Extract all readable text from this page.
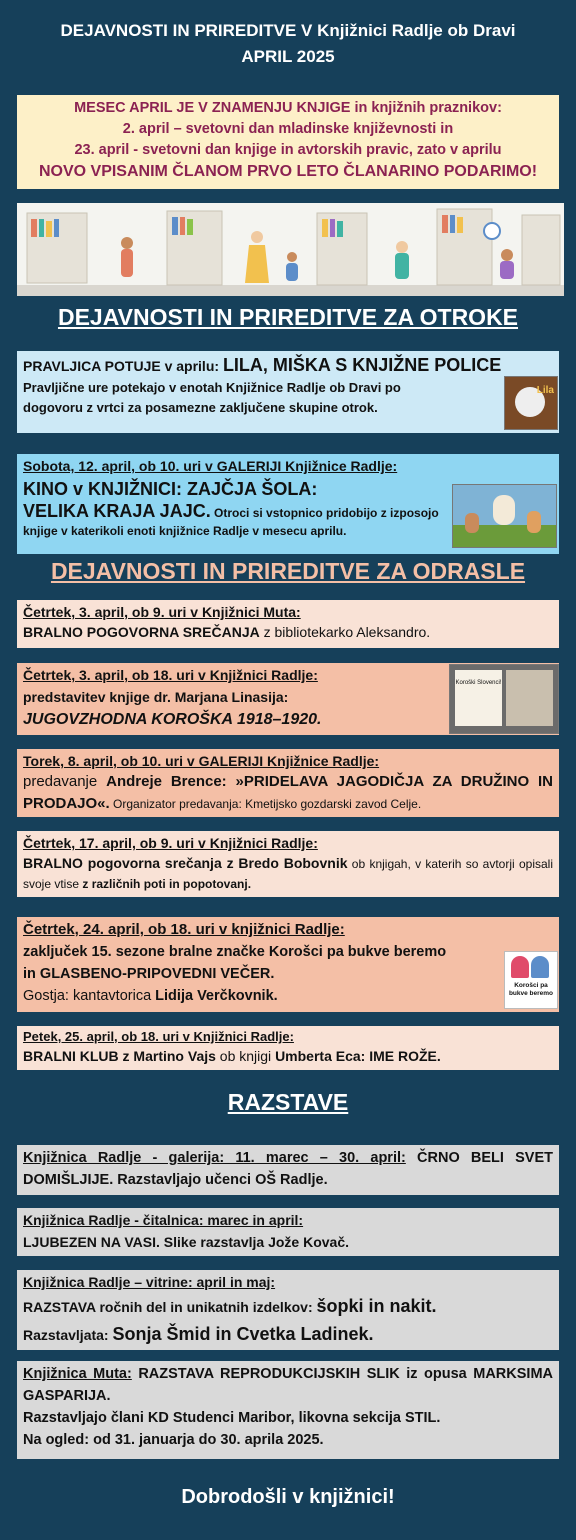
DEJAVNOSTI IN PRIREDITVE V Knjižnici Radlje ob Dravi
APRIL 2025
MESEC APRIL JE V ZNAMENJU KNJIGE in knjižnih praznikov:
2. april – svetovni dan mladinske književnosti in
23. april - svetovni dan knjige in avtorskih pravic, zato v aprilu
NOVO VPISANIM ČLANOM PRVO LETO ČLANARINO PODARIMO!
DEJAVNOSTI IN PRIREDITVE ZA OTROKE
PRAVLJICA POTUJE v aprilu: LILA, MIŠKA S KNJIŽNE POLICE
Pravljične ure potekajo v enotah Knjižnice Radlje ob Dravi po dogovoru z vrtci za posamezne zaključene skupine otrok.
Lila
Sobota, 12. april, ob 10. uri v GALERIJI Knjižnice Radlje:
KINO v KNJIŽNICI: ZAJČJA ŠOLA:
VELIKA KRAJA JAJC. Otroci si vstopnico pridobijo z izposojo knjige v katerikoli enoti knjižnice Radlje v mesecu aprilu.
DEJAVNOSTI IN PRIREDITVE ZA ODRASLE
Četrtek, 3. april, ob 9. uri v Knjižnici Muta:
BRALNO POGOVORNA SREČANJA z bibliotekarko Aleksandro.
Četrtek, 3. april, ob 18. uri v Knjižnici Radlje:
predstavitev knjige dr. Marjana Linasija:
JUGOVZHODNA KOROŠKA 1918–1920.
Koroški Slovenci!
Torek, 8. april, ob 10. uri v GALERIJI Knjižnice Radlje:
predavanje Andreje Brence: »PRIDELAVA JAGODIČJA ZA DRUŽINO IN PRODAJO«. Organizator predavanja: Kmetijsko gozdarski zavod Celje.
Četrtek, 17. april, ob 9. uri v Knjižnici Radlje:
BRALNO pogovorna srečanja z Bredo Bobovnik ob knjigah, v katerih so avtorji opisali svoje vtise z različnih poti in popotovanj.
Četrtek, 24. april, ob 18. uri v knjižnici Radlje:
zaključek 15. sezone bralne značke Korošci pa bukve beremo
in GLASBENO-PRIPOVEDNI VEČER.
Gostja: kantavtorica Lidija Verčkovnik.
Korošci pa bukve beremo
Petek, 25. april, ob 18. uri v Knjižnici Radlje:
BRALNI KLUB z Martino Vajs ob knjigi Umberta Eca: IME ROŽE.
RAZSTAVE
Knjižnica Radlje - galerija: 11. marec – 30. april: ČRNO BELI SVET DOMIŠLJIJE. Razstavljajo učenci OŠ Radlje.
Knjižnica Radlje - čitalnica: marec in april:
LJUBEZEN NA VASI. Slike razstavlja Jože Kovač.
Knjižnica Radlje – vitrine: april in maj:
RAZSTAVA ročnih del in unikatnih izdelkov: šopki in nakit.
Razstavljata: Sonja Šmid in Cvetka Ladinek.
Knjižnica Muta: RAZSTAVA REPRODUKCIJSKIH SLIK iz opusa MARKSIMA GASPARIJA.
Razstavljajo člani KD Studenci Maribor, likovna sekcija STIL.
Na ogled: od 31. januarja do 30. aprila 2025.
Dobrodošli v knjižnici!
